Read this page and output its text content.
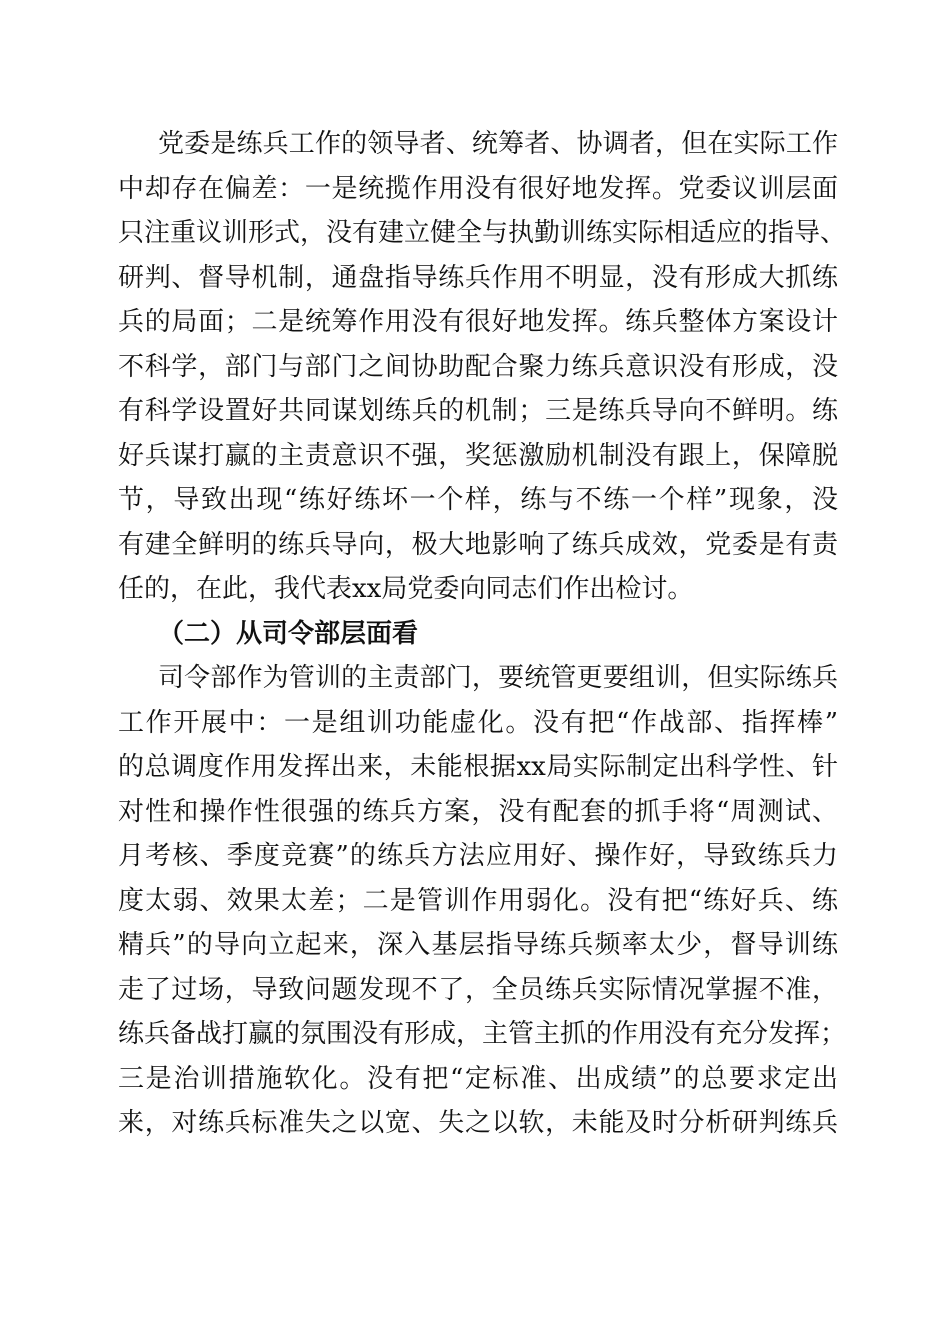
党委是练兵工作的领导者、统筹者、协调者，但在实际工作
中却存在偏差：一是统揽作用没有很好地发挥。党委议训层面
只注重议训形式，没有建立健全与执勤训练实际相适应的指导、
研判、督导机制，通盘指导练兵作用不明显，没有形成大抓练
兵的局面；二是统筹作用没有很好地发挥。练兵整体方案设计
不科学，部门与部门之间协助配合聚力练兵意识没有形成，没
有科学设置好共同谋划练兵的机制；三是练兵导向不鲜明。练
好兵谋打赢的主责意识不强，奖惩激励机制没有跟上，保障脱
节，导致出现“练好练坏一个样，练与不练一个样”现象，没
有建全鲜明的练兵导向，极大地影响了练兵成效，党委是有责
任的，在此，我代表xx局党委向同志们作出检讨。
（二）从司令部层面看
司令部作为管训的主责部门，要统管更要组训，但实际练兵
工作开展中：一是组训功能虚化。没有把“作战部、指挥棒”
的总调度作用发挥出来，未能根据xx局实际制定出科学性、针
对性和操作性很强的练兵方案，没有配套的抓手将“周测试、
月考核、季度竞赛”的练兵方法应用好、操作好，导致练兵力
度太弱、效果太差；二是管训作用弱化。没有把“练好兵、练
精兵”的导向立起来，深入基层指导练兵频率太少，督导训练
走了过场，导致问题发现不了，全员练兵实际情况掌握不准，
练兵备战打赢的氛围没有形成，主管主抓的作用没有充分发挥；
三是治训措施软化。没有把“定标准、出成绩”的总要求定出
来，对练兵标准失之以宽、失之以软，未能及时分析研判练兵
